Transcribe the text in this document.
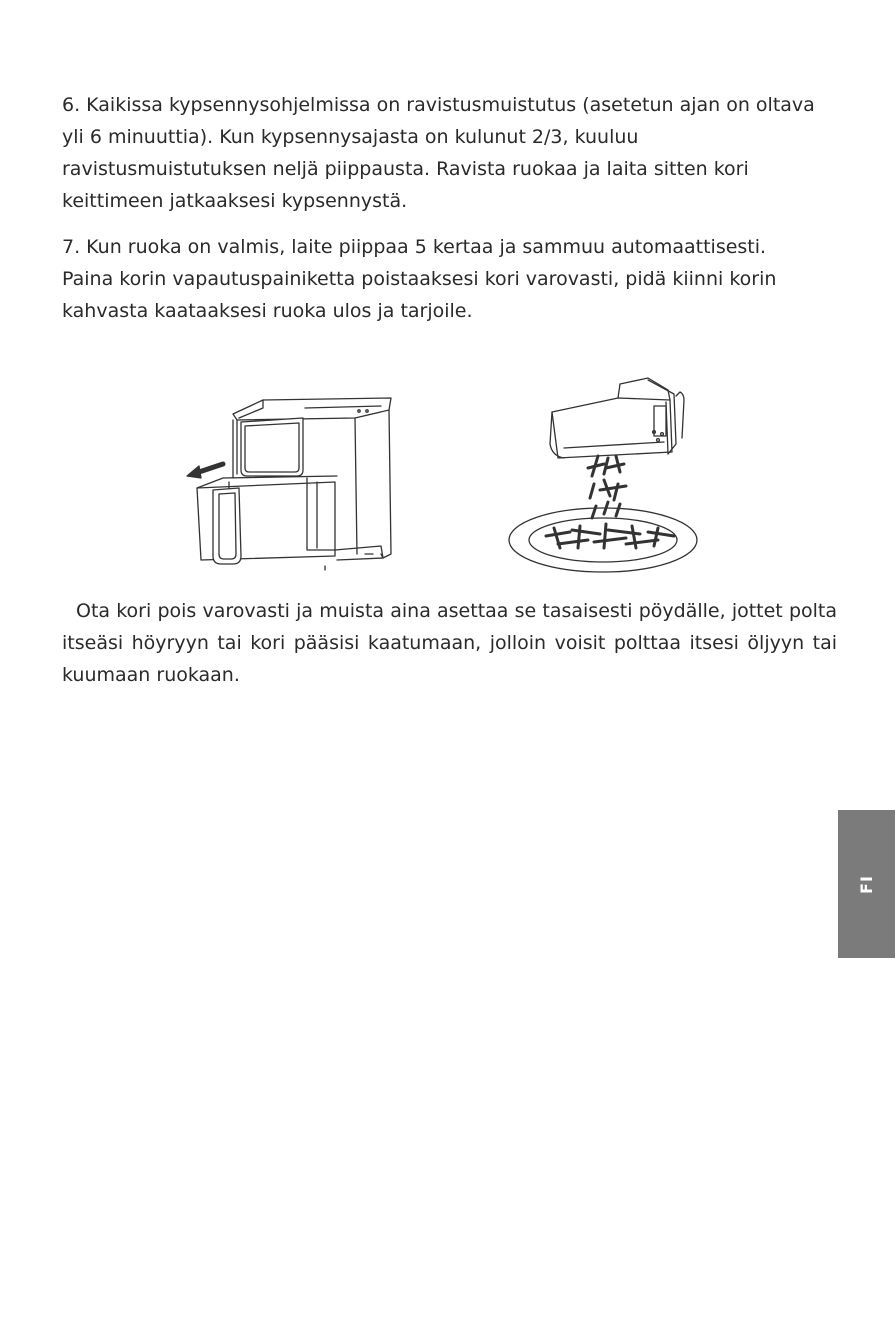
6. Kaikissa kypsennysohjelmissa on ravistusmuistutus (asetetun ajan on oltava yli 6 minuuttia). Kun kypsennysajasta on kulunut 2/3, kuuluu ravistusmuistutuksen neljä piippausta. Ravista ruokaa ja laita sitten kori keittimeen jatkaaksesi kypsennystä.

7. Kun ruoka on valmis, laite piippaa 5 kertaa ja sammuu automaattisesti. Paina korin vapautuspainiketta poistaaksesi kori varovasti, pidä kiinni korin kahvasta kaataaksesi ruoka ulos ja tarjoile.

Ota kori pois varovasti ja muista aina asettaa se tasaisesti pöydälle, jottet polta itseäsi höyryyn tai kori pääsisi kaatumaan, jolloin voisit polttaa itsesi öljyyn tai kuumaan ruokaan.

FI
